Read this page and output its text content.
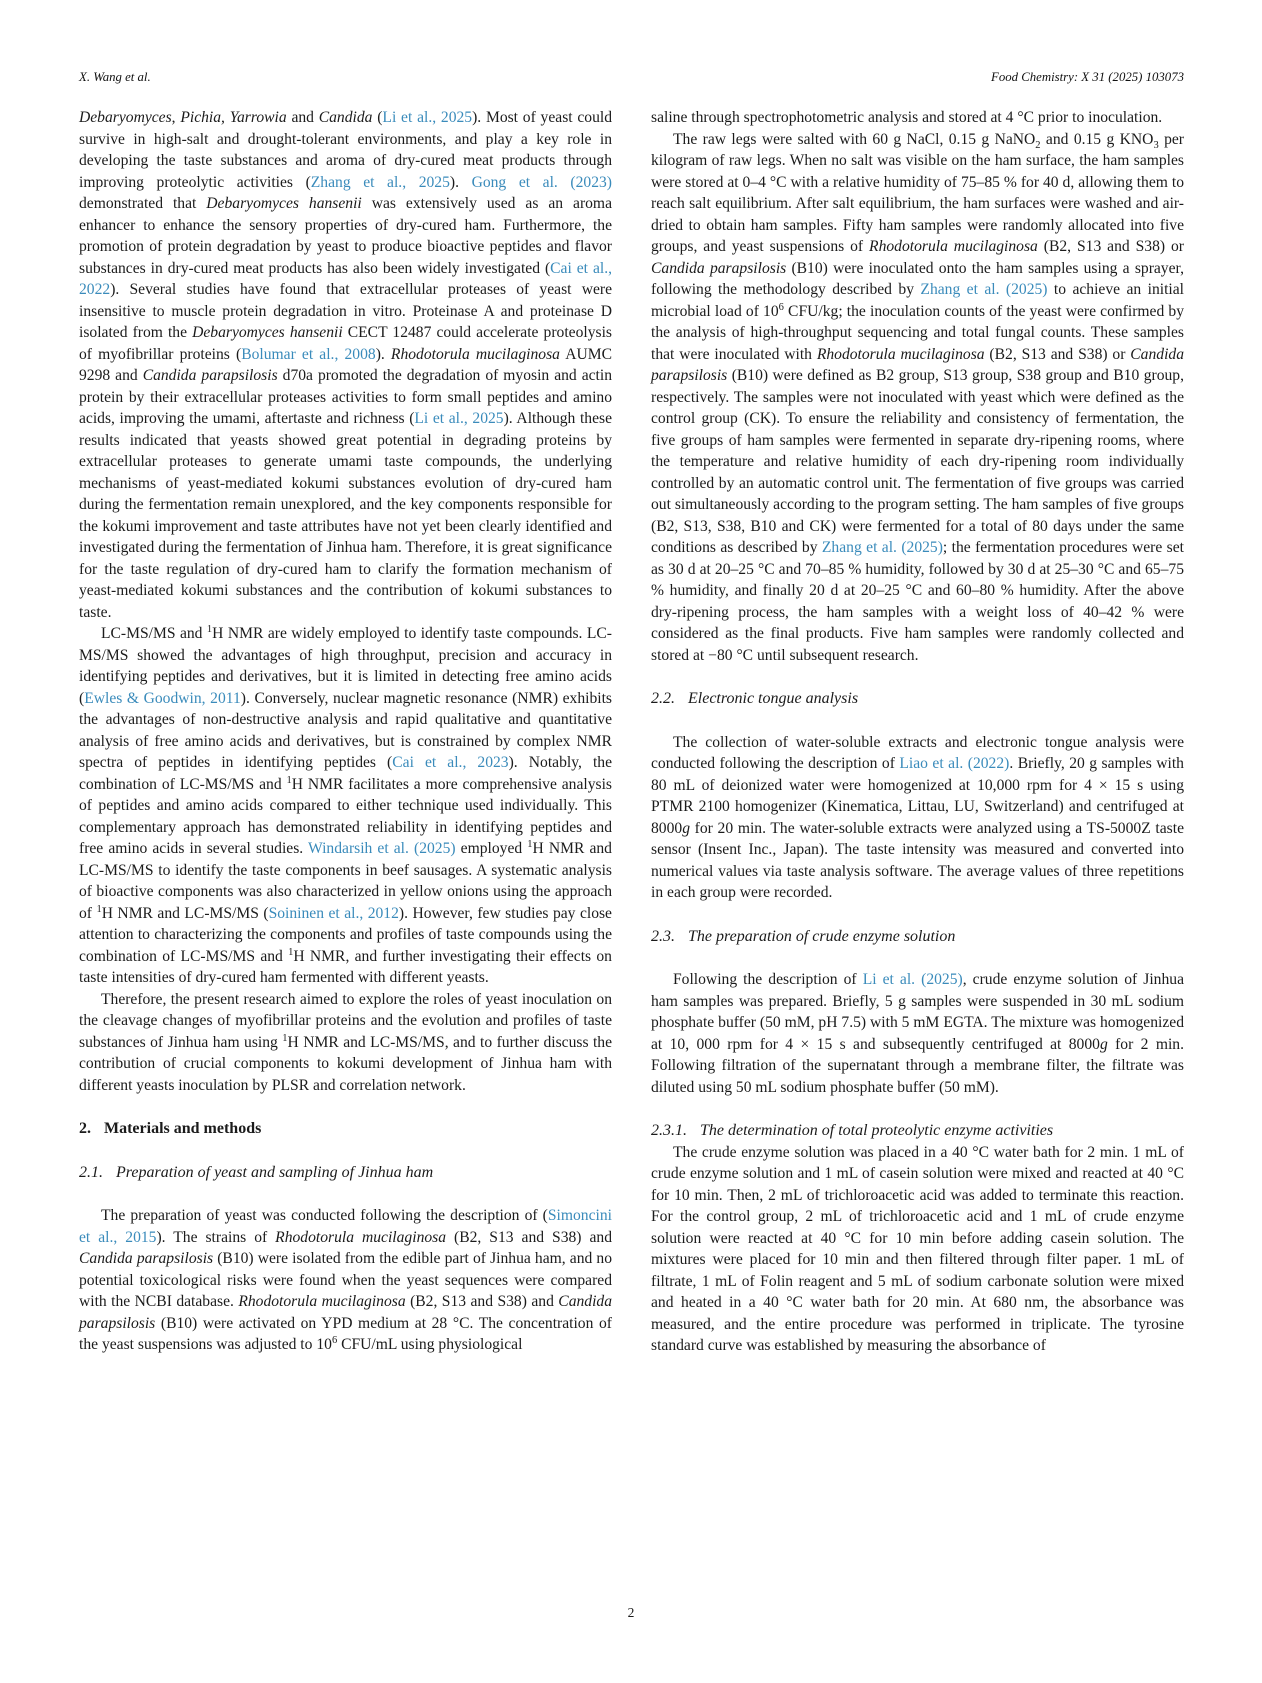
X. Wang et al.	Food Chemistry: X 31 (2025) 103073

Debaryomyces, Pichia, Yarrowia and Candida (Li et al., 2025). Most of yeast could survive in high-salt and drought-tolerant environments, and play a key role in developing the taste substances and aroma of dry-cured meat products through improving proteolytic activities (Zhang et al., 2025). Gong et al. (2023) demonstrated that Debaryomyces hansenii was extensively used as an aroma enhancer to enhance the sensory properties of dry-cured ham. Furthermore, the promotion of protein degradation by yeast to produce bioactive peptides and flavor substances in dry-cured meat products has also been widely investigated (Cai et al., 2022). Several studies have found that extracellular proteases of yeast were insensitive to muscle protein degradation in vitro. Proteinase A and proteinase D isolated from the Debaryomyces hansenii CECT 12487 could accelerate proteolysis of myofibrillar proteins (Bolumar et al., 2008). Rhodotorula mucilaginosa AUMC 9298 and Candida parapsilosis d70a promoted the degradation of myosin and actin protein by their extracellular proteases activities to form small peptides and amino acids, improving the umami, aftertaste and richness (Li et al., 2025). Although these results indicated that yeasts showed great potential in degrading proteins by extracellular proteases to generate umami taste compounds, the underlying mechanisms of yeast-mediated kokumi substances evolution of dry-cured ham during the fermentation remain unexplored, and the key components responsible for the kokumi improvement and taste attributes have not yet been clearly identified and investigated during the fermentation of Jinhua ham. Therefore, it is great significance for the taste regulation of dry-cured ham to clarify the formation mechanism of yeast-mediated kokumi substances and the contribution of kokumi substances to taste.

LC-MS/MS and $^1$H NMR are widely employed to identify taste compounds. LC-MS/MS showed the advantages of high throughput, precision and accuracy in identifying peptides and derivatives, but it is limited in detecting free amino acids (Ewles & Goodwin, 2011). Conversely, nuclear magnetic resonance (NMR) exhibits the advantages of non-destructive analysis and rapid qualitative and quantitative analysis of free amino acids and derivatives, but is constrained by complex NMR spectra of peptides in identifying peptides (Cai et al., 2023). Notably, the combination of LC-MS/MS and $^1$H NMR facilitates a more comprehensive analysis of peptides and amino acids compared to either technique used individually. This complementary approach has demonstrated reliability in identifying peptides and free amino acids in several studies. Windarsih et al. (2025) employed $^1$H NMR and LC-MS/MS to identify the taste components in beef sausages. A systematic analysis of bioactive components was also characterized in yellow onions using the approach of $^1$H NMR and LC-MS/MS (Soininen et al., 2012). However, few studies pay close attention to characterizing the components and profiles of taste compounds using the combination of LC-MS/MS and $^1$H NMR, and further investigating their effects on taste intensities of dry-cured ham fermented with different yeasts.

Therefore, the present research aimed to explore the roles of yeast inoculation on the cleavage changes of myofibrillar proteins and the evolution and profiles of taste substances of Jinhua ham using $^1$H NMR and LC-MS/MS, and to further discuss the contribution of crucial components to kokumi development of Jinhua ham with different yeasts inoculation by PLSR and correlation network.

2. Materials and methods
2.1. Preparation of yeast and sampling of Jinhua ham

The preparation of yeast was conducted following the description of (Simoncini et al., 2015). The strains of Rhodotorula mucilaginosa (B2, S13 and S38) and Candida parapsilosis (B10) were isolated from the edible part of Jinhua ham, and no potential toxicological risks were found when the yeast sequences were compared with the NCBI database. Rhodotorula mucilaginosa (B2, S13 and S38) and Candida parapsilosis (B10) were activated on YPD medium at 28 °C. The concentration of the yeast suspensions was adjusted to $10^6$ CFU/mL using physiological

saline through spectrophotometric analysis and stored at 4 °C prior to inoculation.

The raw legs were salted with 60 g NaCl, 0.15 g NaNO$_2$ and 0.15 g $KNO_3$ per kilogram of raw legs. When no salt was visible on the ham surface, the ham samples were stored at 0–4 °C with a relative humidity of 75–85 % for 40 d, allowing them to reach salt equilibrium. After salt equilibrium, the ham surfaces were washed and air-dried to obtain ham samples. Fifty ham samples were randomly allocated into five groups, and yeast suspensions of Rhodotorula mucilaginosa (B2, S13 and S38) or Candida parapsilosis (B10) were inoculated onto the ham samples using a sprayer, following the methodology described by Zhang et al. (2025) to achieve an initial microbial load of $10^6$ CFU/kg; the inoculation counts of the yeast were confirmed by the analysis of high-throughput sequencing and total fungal counts. These samples that were inoculated with Rhodotorula mucilaginosa (B2, S13 and S38) or Candida parapsilosis (B10) were defined as B2 group, S13 group, S38 group and B10 group, respectively. The samples were not inoculated with yeast which were defined as the control group (CK). To ensure the reliability and consistency of fermentation, the five groups of ham samples were fermented in separate dry-ripening rooms, where the temperature and relative humidity of each dry-ripening room individually controlled by an automatic control unit. The fermentation of five groups was carried out simultaneously according to the program setting. The ham samples of five groups (B2, S13, S38, B10 and CK) were fermented for a total of 80 days under the same conditions as described by Zhang et al. (2025); the fermentation procedures were set as 30 d at 20–25 °C and 70–85 % humidity, followed by 30 d at 25–30 °C and 65–75 % humidity, and finally 20 d at 20–25 °C and 60–80 % humidity. After the above dry-ripening process, the ham samples with a weight loss of 40–42 % were considered as the final products. Five ham samples were randomly collected and stored at −80 °C until subsequent research.

2.2. Electronic tongue analysis

The collection of water-soluble extracts and electronic tongue analysis were conducted following the description of Liao et al. (2022). Briefly, 20 g samples with 80 mL of deionized water were homogenized at 10,000 rpm for 4 × 15 s using PTMR 2100 homogenizer (Kinematica, Littau, LU, Switzerland) and centrifuged at 8000g for 20 min. The water-soluble extracts were analyzed using a TS-5000Z taste sensor (Insent Inc., Japan). The taste intensity was measured and converted into numerical values via taste analysis software. The average values of three repetitions in each group were recorded.

2.3. The preparation of crude enzyme solution

Following the description of Li et al. (2025), crude enzyme solution of Jinhua ham samples was prepared. Briefly, 5 g samples were suspended in 30 mL sodium phosphate buffer (50 mM, pH 7.5) with 5 mM EGTA. The mixture was homogenized at 10, 000 rpm for 4 × 15 s and subsequently centrifuged at 8000g for 2 min. Following filtration of the supernatant through a membrane filter, the filtrate was diluted using 50 mL sodium phosphate buffer (50 mM).

2.3.1. The determination of total proteolytic enzyme activities

The crude enzyme solution was placed in a 40 °C water bath for 2 min. 1 mL of crude enzyme solution and 1 mL of casein solution were mixed and reacted at 40 °C for 10 min. Then, 2 mL of trichloroacetic acid was added to terminate this reaction. For the control group, 2 mL of trichloroacetic acid and 1 mL of crude enzyme solution were reacted at 40 °C for 10 min before adding casein solution. The mixtures were placed for 10 min and then filtered through filter paper. 1 mL of filtrate, 1 mL of Folin reagent and 5 mL of sodium carbonate solution were mixed and heated in a 40 °C water bath for 20 min. At 680 nm, the absorbance was measured, and the entire procedure was performed in triplicate. The tyrosine standard curve was established by measuring the absorbance of

2
